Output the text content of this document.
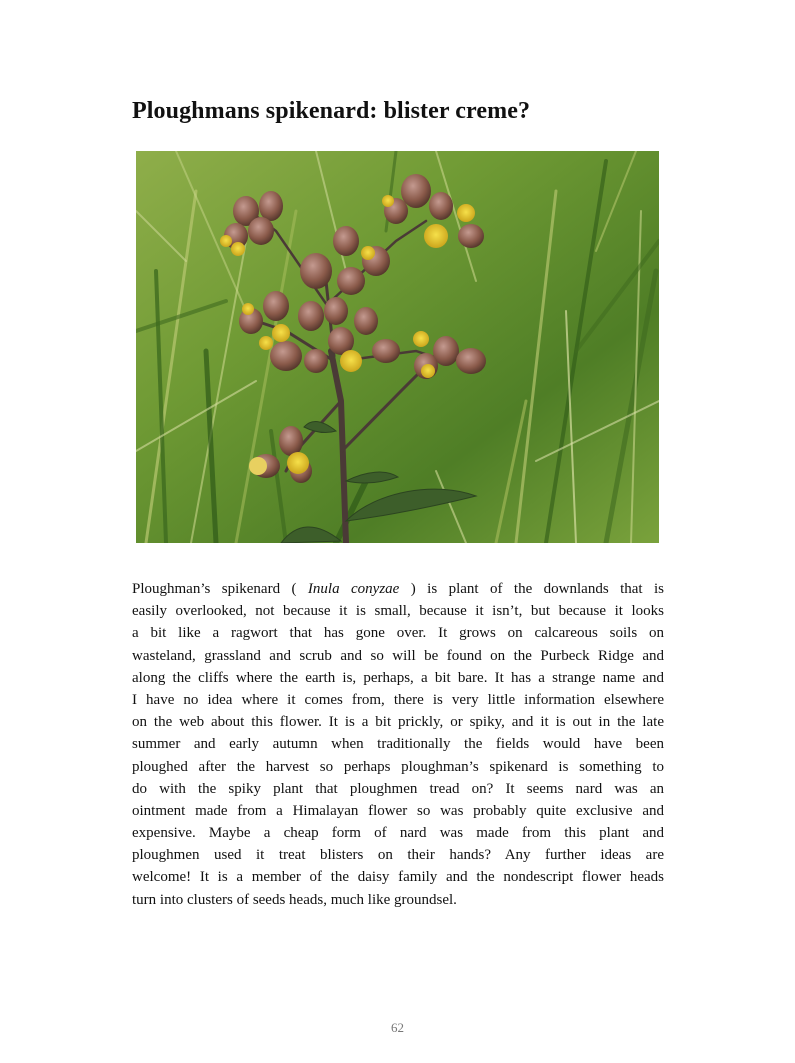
Ploughmans spikenard: blister creme?

Ploughman’s spikenard ( Inula conyzae ) is plant of the downlands that is
easily overlooked, not because it is small, because it isn’t, but because it looks
a bit like a ragwort that has gone over. It grows on calcareous soils on
wasteland, grassland and scrub and so will be found on the Purbeck Ridge and
along the cliffs where the earth is, perhaps, a bit bare. It has a strange name and
I have no idea where it comes from, there is very little information elsewhere
on the web about this flower. It is a bit prickly, or spiky, and it is out in the late
summer and early autumn when traditionally the fields would have been
ploughed after the harvest so perhaps ploughman’s spikenard is something to
do with the spiky plant that ploughmen tread on? It seems nard was an
ointment made from a Himalayan flower so was probably quite exclusive and
expensive. Maybe a cheap form of nard was made from this plant and
ploughmen used it treat blisters on their hands? Any further ideas are
welcome! It is a member of the daisy family and the nondescript flower heads
turn into clusters of seeds heads, much like groundsel.

62
